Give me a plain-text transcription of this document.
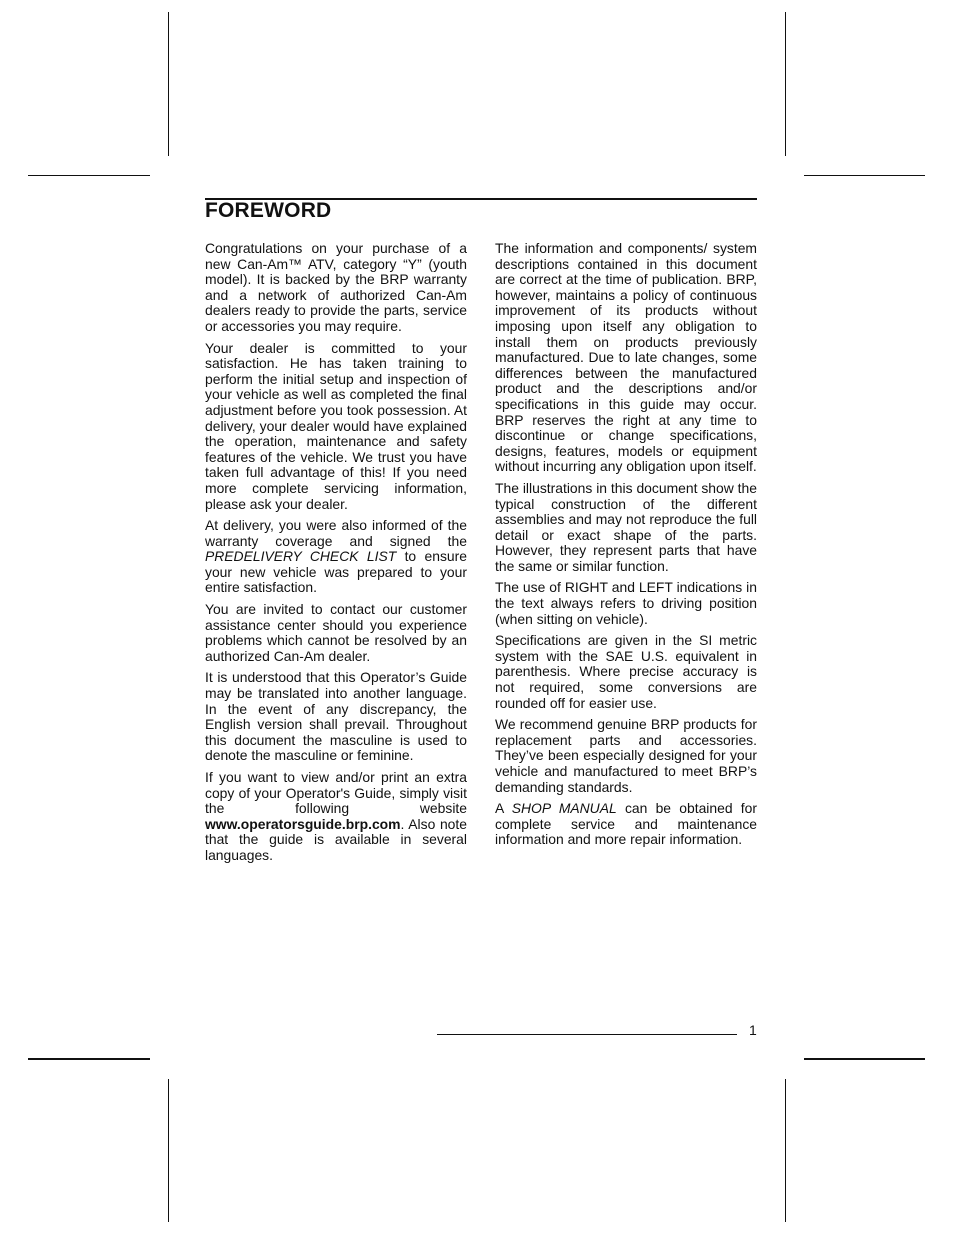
FOREWORD

Congratulations on your purchase of a new Can-Am™ ATV, category “Y” (youth model). It is backed by the BRP warranty and a network of authorized Can-Am dealers ready to provide the parts, service or accessories you may require.

Your dealer is committed to your satisfaction. He has taken training to perform the initial setup and inspection of your vehicle as well as completed the final adjustment before you took possession. At delivery, your dealer would have explained the operation, maintenance and safety features of the vehicle. We trust you have taken full advantage of this! If you need more complete servicing information, please ask your dealer.

At delivery, you were also informed of the warranty coverage and signed the PREDELIVERY CHECK LIST to ensure your new vehicle was prepared to your entire satisfaction.

You are invited to contact our customer assistance center should you experience problems which cannot be resolved by an authorized Can-Am dealer.

It is understood that this Operator’s Guide may be translated into another language. In the event of any discrepancy, the English version shall prevail. Throughout this document the masculine is used to denote the masculine or feminine.

If you want to view and/or print an extra copy of your Operator's Guide, simply visit the following website www.operatorsguide.brp.com. Also note that the guide is available in several languages.

The information and components/ system descriptions contained in this document are correct at the time of publication. BRP, however, maintains a policy of continuous improvement of its products without imposing upon itself any obligation to install them on products previously manufactured. Due to late changes, some differences between the manufactured product and the descriptions and/or specifications in this guide may occur. BRP reserves the right at any time to discontinue or change specifications, designs, features, models or equipment without incurring any obligation upon itself.

The illustrations in this document show the typical construction of the different assemblies and may not reproduce the full detail or exact shape of the parts. However, they represent parts that have the same or similar function.

The use of RIGHT and LEFT indications in the text always refers to driving position (when sitting on vehicle).

Specifications are given in the SI metric system with the SAE U.S. equivalent in parenthesis. Where precise accuracy is not required, some conversions are rounded off for easier use.

We recommend genuine BRP products for replacement parts and accessories. They’ve been especially designed for your vehicle and manufactured to meet BRP’s demanding standards.

A SHOP MANUAL can be obtained for complete service and maintenance information and more repair information.

1
